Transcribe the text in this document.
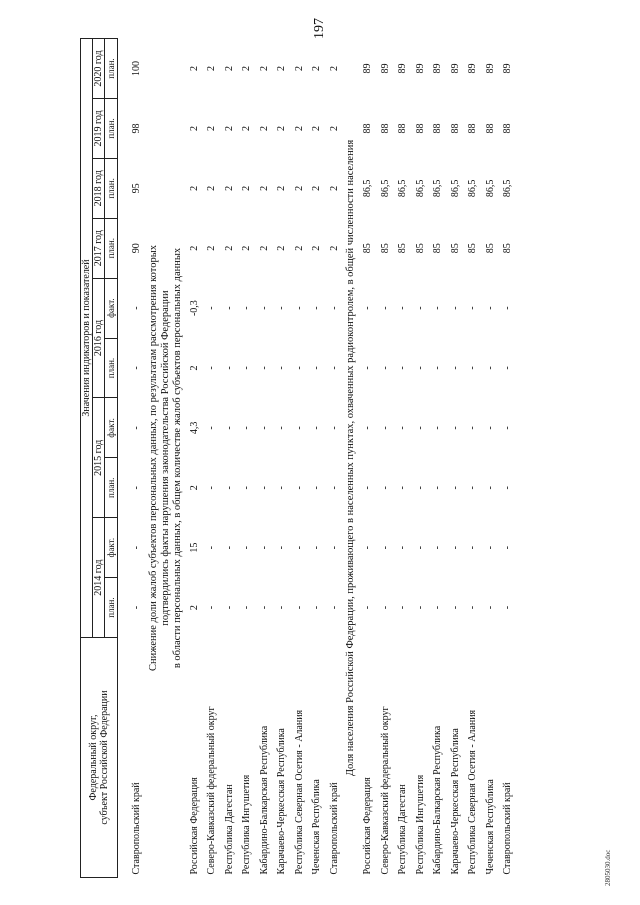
197
2805030.doc
Федеральный округ, субъект Российской Федерации	Значения индикаторов и показателей									
	2014 год		2015 год		2016 год		2017 год	2018 год	2019 год	2020 год
	план.	факт.	план.	факт.	план.	факт.	план.	план.	план.	план.

Ставропольский край	-	-	-	-	-	-	90	95	98	100

Снижение доли жалоб субъектов персональных данных, по результатам рассмотрения которых подтвердились факты нарушения законодательства Российской Федерации в области персональных данных, в общем количестве жалоб субъектов персональных данных										

Российская Федерация	2	15	2	4,3	2	-0,3	2	2	2	2
Северо-Кавказский федеральный округ	-	-	-	-	-	-	2	2	2	2
Республика Дагестан	-	-	-	-	-	-	2	2	2	2
Республика Ингушетия	-	-	-	-	-	-	2	2	2	2
Кабардино-Балкарская Республика	-	-	-	-	-	-	2	2	2	2
Карачаево-Черкесская Республика	-	-	-	-	-	-	2	2	2	2
Республика Северная Осетия - Алания	-	-	-	-	-	-	2	2	2	2
Чеченская Республика	-	-	-	-	-	-	2	2	2	2
Ставропольский край	-	-	-	-	-	-	2	2	2	2

Доля населения Российской Федерации, проживающего в населенных пунктах, охваченных радиоконтролем, в общей численности населения										

Российская Федерация	-	-	-	-	-	-	85	86,5	88	89
Северо-Кавказский федеральный округ	-	-	-	-	-	-	85	86,5	88	89
Республика Дагестан	-	-	-	-	-	-	85	86,5	88	89
Республика Ингушетия	-	-	-	-	-	-	85	86,5	88	89
Кабардино-Балкарская Республика	-	-	-	-	-	-	85	86,5	88	89
Карачаево-Черкесская Республика	-	-	-	-	-	-	85	86,5	88	89
Республика Северная Осетия - Алания	-	-	-	-	-	-	85	86,5	88	89
Чеченская Республика	-	-	-	-	-	-	85	86,5	88	89
Ставропольский край	-	-	-	-	-	-	85	86,5	88	89
